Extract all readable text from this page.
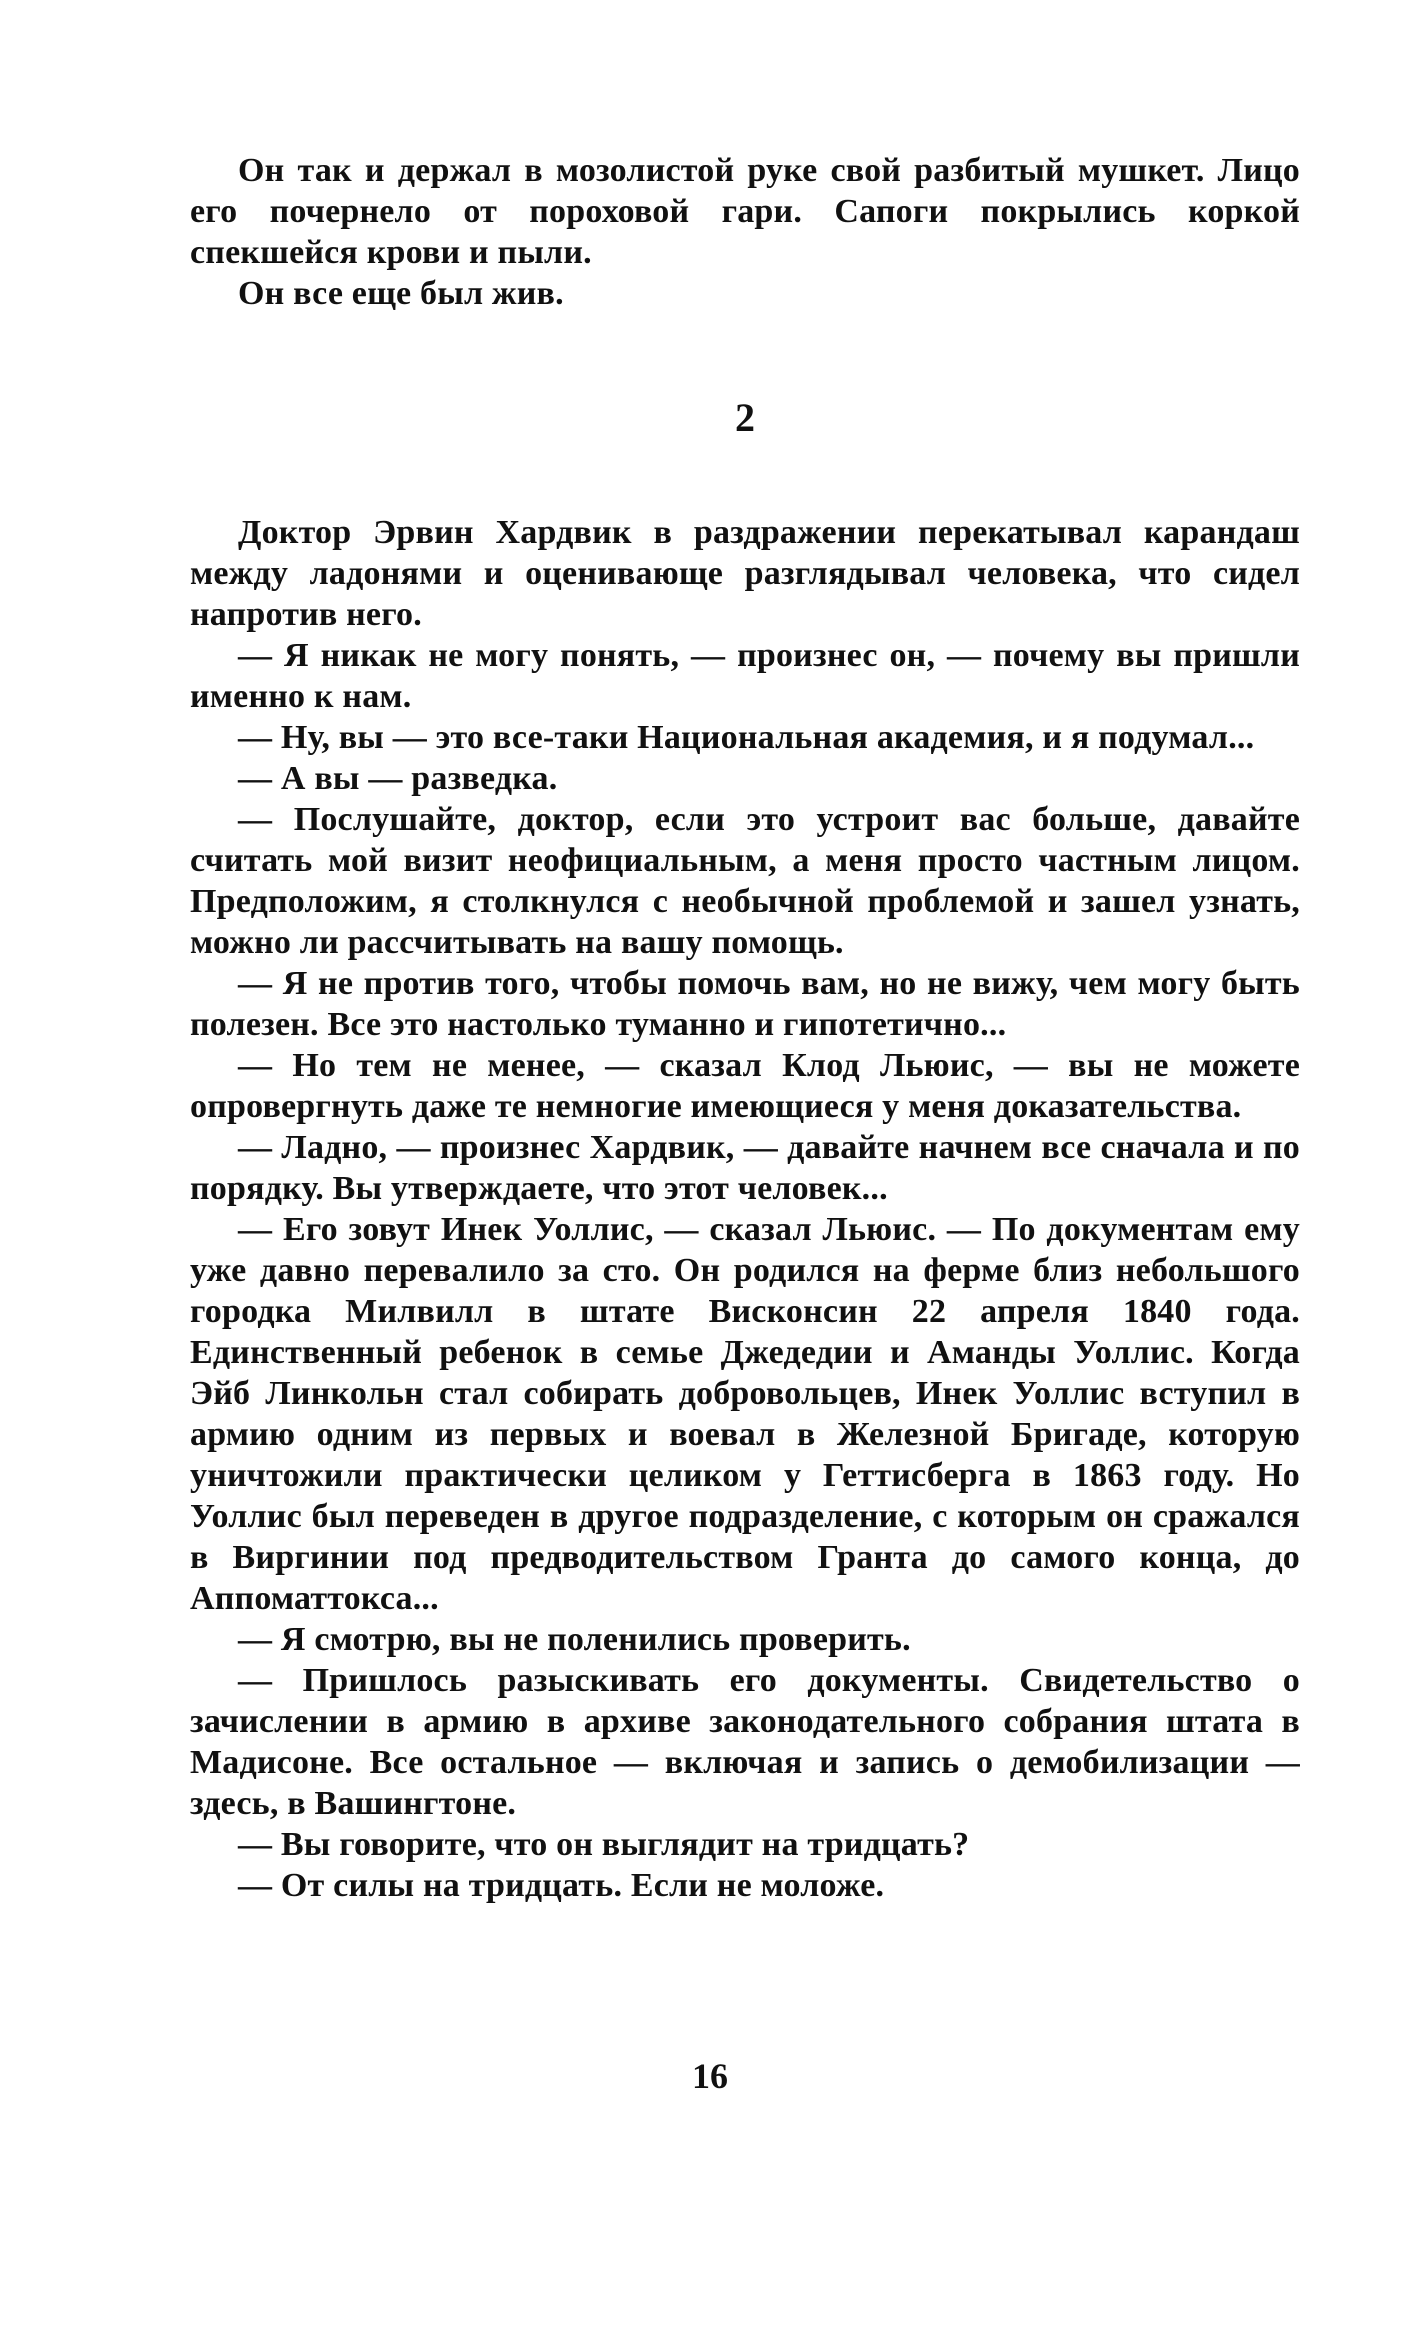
Он так и держал в мозолистой руке свой разбитый мушкет. Лицо его почернело от пороховой гари. Сапоги покрылись коркой спекшейся крови и пыли.

Он все еще был жив.

2

Доктор Эрвин Хардвик в раздражении перекатывал карандаш между ладонями и оценивающе разглядывал человека, что сидел напротив него.

— Я никак не могу понять, — произнес он, — почему вы пришли именно к нам.

— Ну, вы — это все-таки Национальная академия, и я подумал...

— А вы — разведка.

— Послушайте, доктор, если это устроит вас больше, давайте считать мой визит неофициальным, а меня просто частным лицом. Предположим, я столкнулся с необычной проблемой и зашел узнать, можно ли рассчитывать на вашу помощь.

— Я не против того, чтобы помочь вам, но не вижу, чем могу быть полезен. Все это настолько туманно и гипотетично...

— Но тем не менее, — сказал Клод Льюис, — вы не можете опровергнуть даже те немногие имеющиеся у меня доказательства.

— Ладно, — произнес Хардвик, — давайте начнем все сначала и по порядку. Вы утверждаете, что этот человек...

— Его зовут Инек Уоллис, — сказал Льюис. — По документам ему уже давно перевалило за сто. Он родился на ферме близ небольшого городка Милвилл в штате Висконсин 22 апреля 1840 года. Единственный ребенок в семье Джедедии и Аманды Уоллис. Когда Эйб Линкольн стал собирать добровольцев, Инек Уоллис вступил в армию одним из первых и воевал в Железной Бригаде, которую уничтожили практически целиком у Геттисберга в 1863 году. Но Уоллис был переведен в другое подразделение, с которым он сражался в Виргинии под предводительством Гранта до самого конца, до Аппоматтокса...

— Я смотрю, вы не поленились проверить.

— Пришлось разыскивать его документы. Свидетельство о зачислении в армию в архиве законодательного собрания штата в Мадисоне. Все остальное — включая и запись о демобилизации — здесь, в Вашингтоне.

— Вы говорите, что он выглядит на тридцать?

— От силы на тридцать. Если не моложе.

16
